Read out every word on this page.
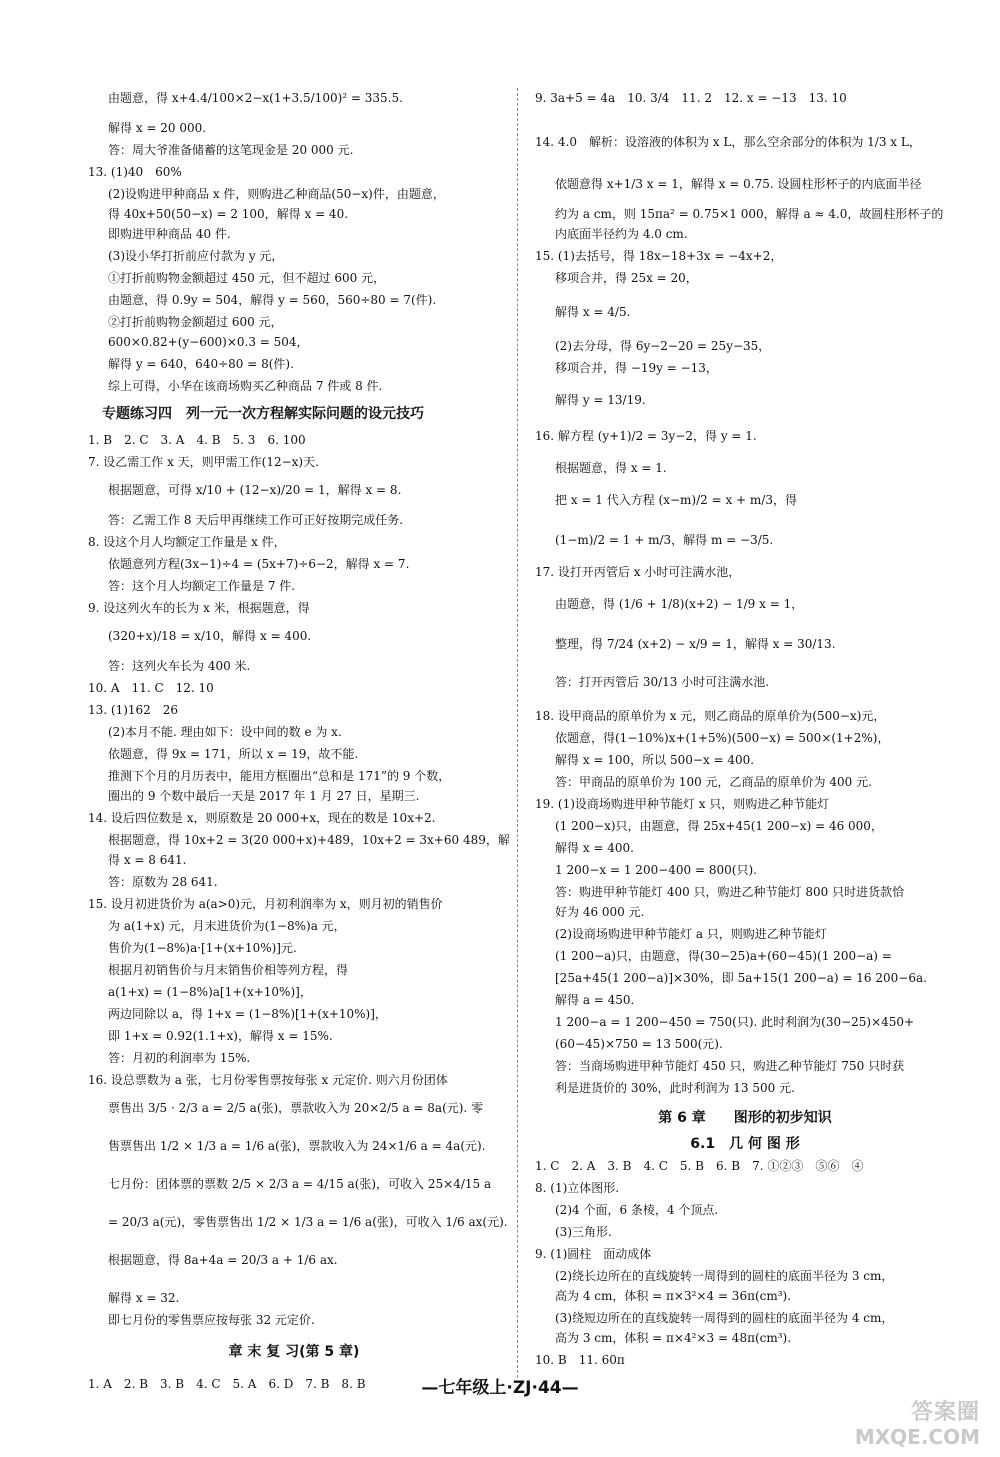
由题意，得 x+4.4/100×2−x(1+3.5/100)² = 335.5.
解得 x = 20 000.
答：周大爷准备储蓄的这笔现金是 20 000 元.
13. (1)40　60%
(2)设购进甲种商品 x 件，则购进乙种商品(50−x)件，由题意，
得 40x+50(50−x) = 2 100，解得 x = 40.
即购进甲种商品 40 件.
(3)设小华打折前应付款为 y 元，
①打折前购物金额超过 450 元，但不超过 600 元，
由题意，得 0.9y = 504，解得 y = 560，560÷80 = 7(件).
②打折前购物金额超过 600 元，
600×0.82+(y−600)×0.3 = 504，
解得 y = 640，640÷80 = 8(件).
综上可得，小华在该商场购买乙种商品 7 件或 8 件.
1. B　2. C　3. A　4. B　5. 3　6. 100
7. 设乙需工作 x 天，则甲需工作(12−x)天.
根据题意，可得 x/10 + (12−x)/20 = 1，解得 x = 8.
答：乙需工作 8 天后甲再继续工作可正好按期完成任务.
8. 设这个月人均额定工作量是 x 件，
依题意列方程(3x−1)÷4 = (5x+7)÷6−2，解得 x = 7.
答：这个月人均额定工作量是 7 件.
9. 设这列火车的长为 x 米，根据题意，得
(320+x)/18 = x/10，解得 x = 400.
答：这列火车长为 400 米.
10. A　11. C　12. 10
13. (1)162　26
(2)本月不能. 理由如下：设中间的数 e 为 x.
依题意，得 9x = 171，所以 x = 19，故不能.
推测下个月的月历表中，能用方框圈出“总和是 171”的 9 个数，
圈出的 9 个数中最后一天是 2017 年 1 月 27 日，星期三.
14. 设后四位数是 x，则原数是 20 000+x，现在的数是 10x+2.
根据题意，得 10x+2 = 3(20 000+x)+489，10x+2 = 3x+60 489，解
得 x = 8 641.
答：原数为 28 641.
15. 设月初进货价为 a(a>0)元，月初利润率为 x，则月初的销售价
为 a(1+x) 元，月末进货价为(1−8%)a 元，
售价为(1−8%)a·[1+(x+10%)]元.
根据月初销售价与月末销售价相等列方程，得
a(1+x) = (1−8%)a[1+(x+10%)]，
两边同除以 a，得 1+x = (1−8%)[1+(x+10%)]，
即 1+x = 0.92(1.1+x)，解得 x = 15%.
答：月初的利润率为 15%.
16. 设总票数为 a 张，七月份零售票按每张 x 元定价. 则六月份团体
票售出 3/5 · 2/3 a = 2/5 a(张)，票款收入为 20×2/5 a = 8a(元). 零
售票售出 1/2 × 1/3 a = 1/6 a(张)，票款收入为 24×1/6 a = 4a(元).
七月份：团体票的票数 2/5 × 2/3 a = 4/15 a(张)，可收入 25×4/15 a
= 20/3 a(元)，零售票售出 1/2 × 1/3 a = 1/6 a(张)，可收入 1/6 ax(元).
根据题意，得 8a+4a = 20/3 a + 1/6 ax.
解得 x = 32.
即七月份的零售票应按每张 32 元定价.
1. A　2. B　3. B　4. C　5. A　6. D　7. B　8. B
专题练习四　列一元一次方程解实际问题的设元技巧
章 末 复 习(第 5 章)
9. 3a+5 = 4a　10. 3/4　11. 2　12. x = −13　13. 10
14. 4.0　解析：设溶液的体积为 x L，那么空余部分的体积为 1/3 x L，
依题意得 x+1/3 x = 1，解得 x = 0.75. 设圆柱形杯子的内底面半径
约为 a cm，则 15πa² = 0.75×1 000，解得 a ≈ 4.0，故圆柱形杯子的
内底面半径约为 4.0 cm.
15. (1)去括号，得 18x−18+3x = −4x+2，
移项合并，得 25x = 20，
解得 x = 4/5.
(2)去分母，得 6y−2−20 = 25y−35，
移项合并，得 −19y = −13，
解得 y = 13/19.
16. 解方程 (y+1)/2 = 3y−2，得 y = 1.
根据题意，得 x = 1.
把 x = 1 代入方程 (x−m)/2 = x + m/3，得
(1−m)/2 = 1 + m/3，解得 m = −3/5.
17. 设打开丙管后 x 小时可注满水池，
由题意，得 (1/6 + 1/8)(x+2) − 1/9 x = 1，
整理，得 7/24 (x+2) − x/9 = 1，解得 x = 30/13.
答：打开丙管后 30/13 小时可注满水池.
18. 设甲商品的原单价为 x 元，则乙商品的原单价为(500−x)元，
依题意，得(1−10%)x+(1+5%)(500−x) = 500×(1+2%)，
解得 x = 100，所以 500−x = 400.
答：甲商品的原单价为 100 元，乙商品的原单价为 400 元.
19. (1)设商场购进甲种节能灯 x 只，则购进乙种节能灯
(1 200−x)只，由题意，得 25x+45(1 200−x) = 46 000，
解得 x = 400.
1 200−x = 1 200−400 = 800(只).
答：购进甲种节能灯 400 只，购进乙种节能灯 800 只时进货款恰
好为 46 000 元.
(2)设商场购进甲种节能灯 a 只，则购进乙种节能灯
(1 200−a)只，由题意，得(30−25)a+(60−45)(1 200−a) =
[25a+45(1 200−a)]×30%，即 5a+15(1 200−a) = 16 200−6a.
解得 a = 450.
1 200−a = 1 200−450 = 750(只). 此时利润为(30−25)×450+
(60−45)×750 = 13 500(元).
答：当商场购进甲种节能灯 450 只，购进乙种节能灯 750 只时获
利是进货价的 30%，此时利润为 13 500 元.
1. C　2. A　3. B　4. C　5. B　6. B　7. ①②③　⑤⑥　④
8. (1)立体图形.
(2)4 个面，6 条棱，4 个顶点.
(3)三角形.
9. (1)圆柱　面动成体
(2)绕长边所在的直线旋转一周得到的圆柱的底面半径为 3 cm，
高为 4 cm，体积 = π×3²×4 = 36π(cm³).
(3)绕短边所在的直线旋转一周得到的圆柱的底面半径为 4 cm，
高为 3 cm，体积 = π×4²×3 = 48π(cm³).
10. B　11. 60π
第 6 章　　图形的初步知识
6.1　几 何 图 形
—七年级上·ZJ·44—
答案圈
MXQE.COM
